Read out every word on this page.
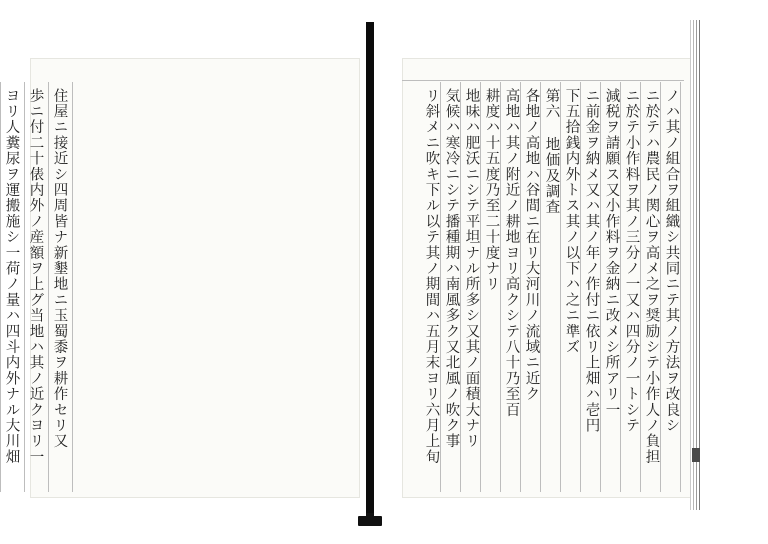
住屋ニ接近シ四周皆ナ新墾地ニ玉蜀黍ヲ耕作セリ又
歩ニ付二十俵内外ノ産額ヲ上グ当地ハ其ノ近クヨリ一
ヨリ人糞尿ヲ運搬施シ一荷ノ量ハ四斗内外ナル大川畑	ノハ其ノ組合ヲ組織シ共同ニテ其ノ方法ヲ改良シ
ニ於テハ農民ノ関心ヲ高メ之ヲ奨励シテ小作人ノ負担
ニ於テ小作料ヲ其ノ三分ノ一又ハ四分ノ一トシテ
減税ヲ請願ス又小作料ヲ金納ニ改メシ所アリ一
ニ前金ヲ納メ又ハ其ノ年ノ作付ニ依リ上畑ハ壱円
下五拾銭内外トス其ノ以下ハ之ニ準ズ
第六 地価及調査
各地ノ高地ハ谷間ニ在リ大河川ノ流域ニ近ク
高地ハ其ノ附近ノ耕地ヨリ高クシテ八十乃至百
耕度ハ十五度乃至二十度ナリ
地味ハ肥沃ニシテ平坦ナル所多シ又其ノ面積大ナリ
気候ハ寒冷ニシテ播種期ハ南風多ク又北風ノ吹ク事
リ斜メニ吹キ下ル以テ其ノ期間ハ五月末ヨリ六月上旬
